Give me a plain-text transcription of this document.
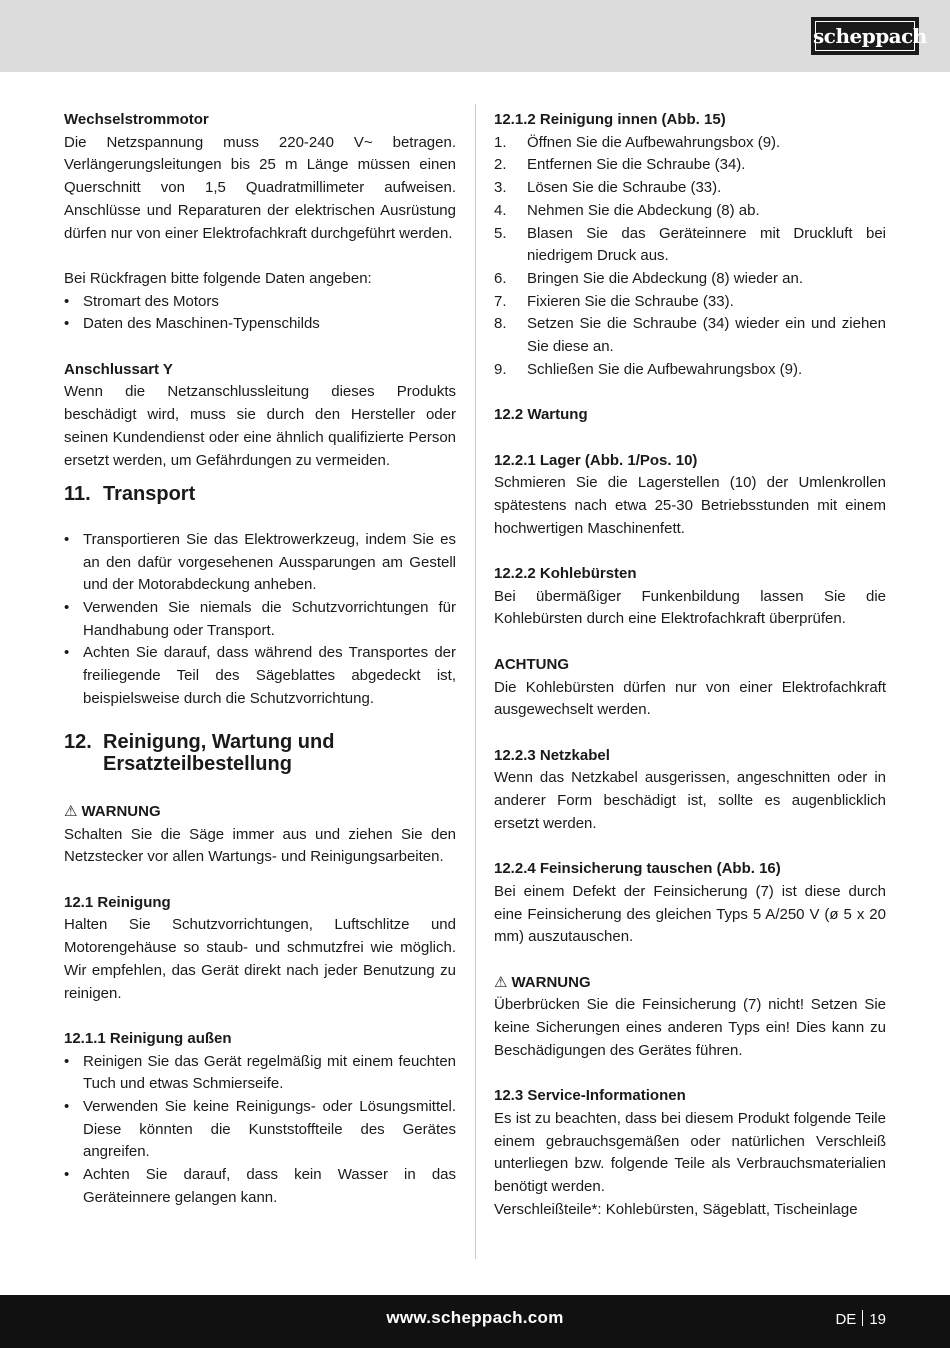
scheppach

Wechselstrommotor

Die Netzspannung muss 220-240 V~ betragen. Verlängerungsleitungen bis 25 m Länge müssen einen Querschnitt von 1,5 Quadratmillimeter aufweisen. Anschlüsse und Reparaturen der elektrischen Ausrüstung dürfen nur von einer Elektrofachkraft durchgeführt werden.

Bei Rückfragen bitte folgende Daten angeben:

• Stromart des Motors
• Daten des Maschinen-Typenschilds

Anschlussart Y

Wenn die Netzanschlussleitung dieses Produkts beschädigt wird, muss sie durch den Hersteller oder seinen Kundendienst oder eine ähnlich qualifizierte Person ersetzt werden, um Gefährdungen zu vermeiden.

11. Transport
• Transportieren Sie das Elektrowerkzeug, indem Sie es an den dafür vorgesehenen Aussparungen am Gestell und der Motorabdeckung anheben.
• Verwenden Sie niemals die Schutzvorrichtungen für Handhabung oder Transport.
• Achten Sie darauf, dass während des Transportes der freiliegende Teil des Sägeblattes abgedeckt ist, beispielsweise durch die Schutzvorrichtung.
12. Reinigung, Wartung und
Ersatzteilbestellung

⚠ WARNUNG

Schalten Sie die Säge immer aus und ziehen Sie den Netzstecker vor allen Wartungs- und Reinigungsarbeiten.

12.1 Reinigung

Halten Sie Schutzvorrichtungen, Luftschlitze und Motorengehäuse so staub- und schmutzfrei wie möglich. Wir empfehlen, das Gerät direkt nach jeder Benutzung zu reinigen.

12.1.1 Reinigung außen

• Reinigen Sie das Gerät regelmäßig mit einem feuchten Tuch und etwas Schmierseife.
• Verwenden Sie keine Reinigungs- oder Lösungsmittel. Diese könnten die Kunststoffteile des Gerätes angreifen.
• Achten Sie darauf, dass kein Wasser in das Geräteinnere gelangen kann.

12.1.2 Reinigung innen (Abb. 15)

1.	Öffnen Sie die Aufbewahrungsbox (9).
2.	Entfernen Sie die Schraube (34).
3.	Lösen Sie die Schraube (33).
4.	Nehmen Sie die Abdeckung (8) ab.
5.	Blasen Sie das Geräteinnere mit Druckluft bei niedrigem Druck aus.
6.	Bringen Sie die Abdeckung (8) wieder an.
7.	Fixieren Sie die Schraube (33).
8.	Setzen Sie die Schraube (34) wieder ein und ziehen Sie diese an.
9.	Schließen Sie die Aufbewahrungsbox (9).

12.2 Wartung

12.2.1 Lager (Abb. 1/Pos. 10)

Schmieren Sie die Lagerstellen (10) der Umlenkrollen spätestens nach etwa 25-30 Betriebsstunden mit einem hochwertigen Maschinenfett.

12.2.2 Kohlebürsten

Bei übermäßiger Funkenbildung lassen Sie die Kohlebürsten durch eine Elektrofachkraft überprüfen.

ACHTUNG

Die Kohlebürsten dürfen nur von einer Elektrofachkraft ausgewechselt werden.

12.2.3 Netzkabel

Wenn das Netzkabel ausgerissen, angeschnitten oder in anderer Form beschädigt ist, sollte es augenblicklich ersetzt werden.

12.2.4 Feinsicherung tauschen (Abb. 16)

Bei einem Defekt der Feinsicherung (7) ist diese durch eine Feinsicherung des gleichen Typs 5 A/250 V (ø 5 x 20 mm) auszutauschen.

⚠ WARNUNG

Überbrücken Sie die Feinsicherung (7) nicht! Setzen Sie keine Sicherungen eines anderen Typs ein! Dies kann zu Beschädigungen des Gerätes führen.

12.3 Service-Informationen

Es ist zu beachten, dass bei diesem Produkt folgende Teile einem gebrauchsgemäßen oder natürlichen Verschleiß unterliegen bzw. folgende Teile als Verbrauchsmaterialien benötigt werden.

Verschleißteile*: Kohlebürsten, Sägeblatt, Tischeinlage

www.scheppach.com	DE 19
